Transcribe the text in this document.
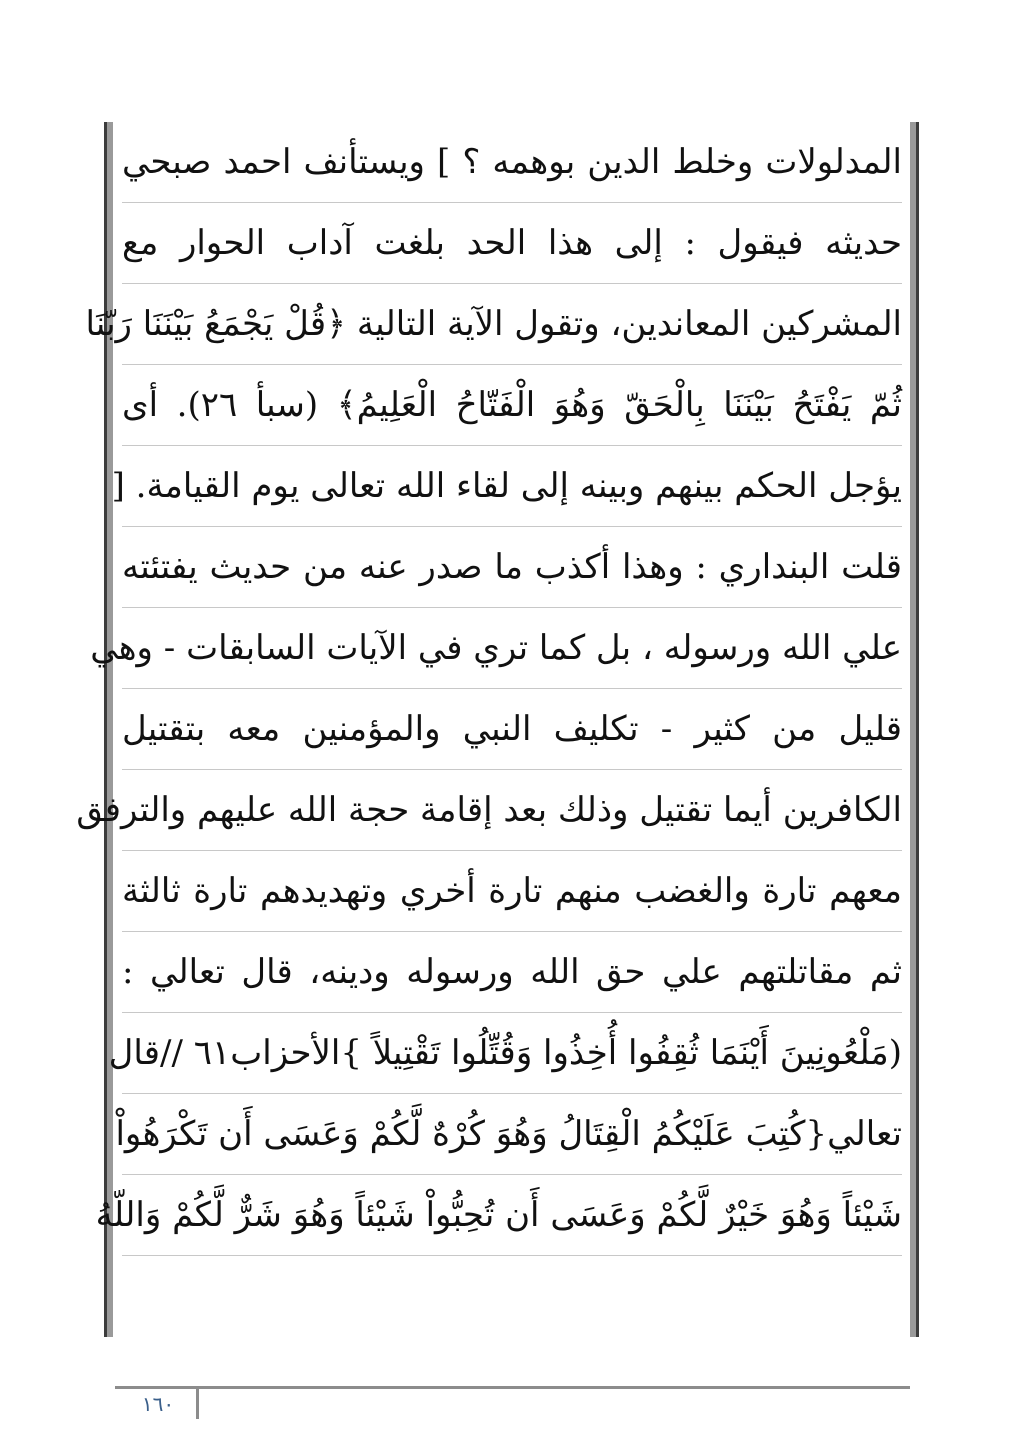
المدلولات وخلط الدين بوهمه ؟ ] ويستأنف احمد صبحي
حديثه فيقول : إلى هذا الحد بلغت آداب الحوار مع
المشركين المعاندين، وتقول الآية التالية ﴿قُلْ يَجْمَعُ بَيْنَنَا رَبّنَا
ثُمّ يَفْتَحُ بَيْنَنَا بِالْحَقّ وَهُوَ الْفَتّاحُ الْعَلِيمُ﴾ (سبأ ٢٦). أى
يؤجل الحكم بينهم وبينه إلى لقاء الله تعالى يوم القيامة. [
قلت البنداري : وهذا أكذب ما صدر عنه من حديث يفتئته
علي الله ورسوله ، بل كما تري في الآيات السابقات - وهي
قليل من كثير - تكليف النبي والمؤمنين معه بتقتيل
الكافرين أيما تقتيل وذلك بعد إقامة حجة الله عليهم والترفق
معهم تارة والغضب منهم تارة أخري وتهديدهم تارة ثالثة
ثم مقاتلتهم علي حق الله ورسوله ودينه، قال تعالي :
(مَلْعُونِينَ أَيْنَمَا ثُقِفُوا أُخِذُوا وَقُتِّلُوا تَقْتِيلاً }الأحزاب٦١ //قال
تعالي{كُتِبَ عَلَيْكُمُ الْقِتَالُ وَهُوَ كُرْهٌ لَّكُمْ وَعَسَى أَن تَكْرَهُواْ
شَيْئاً وَهُوَ خَيْرٌ لَّكُمْ وَعَسَى أَن تُحِبُّواْ شَيْئاً وَهُوَ شَرٌّ لَّكُمْ وَاللّهُ
١٦٠
